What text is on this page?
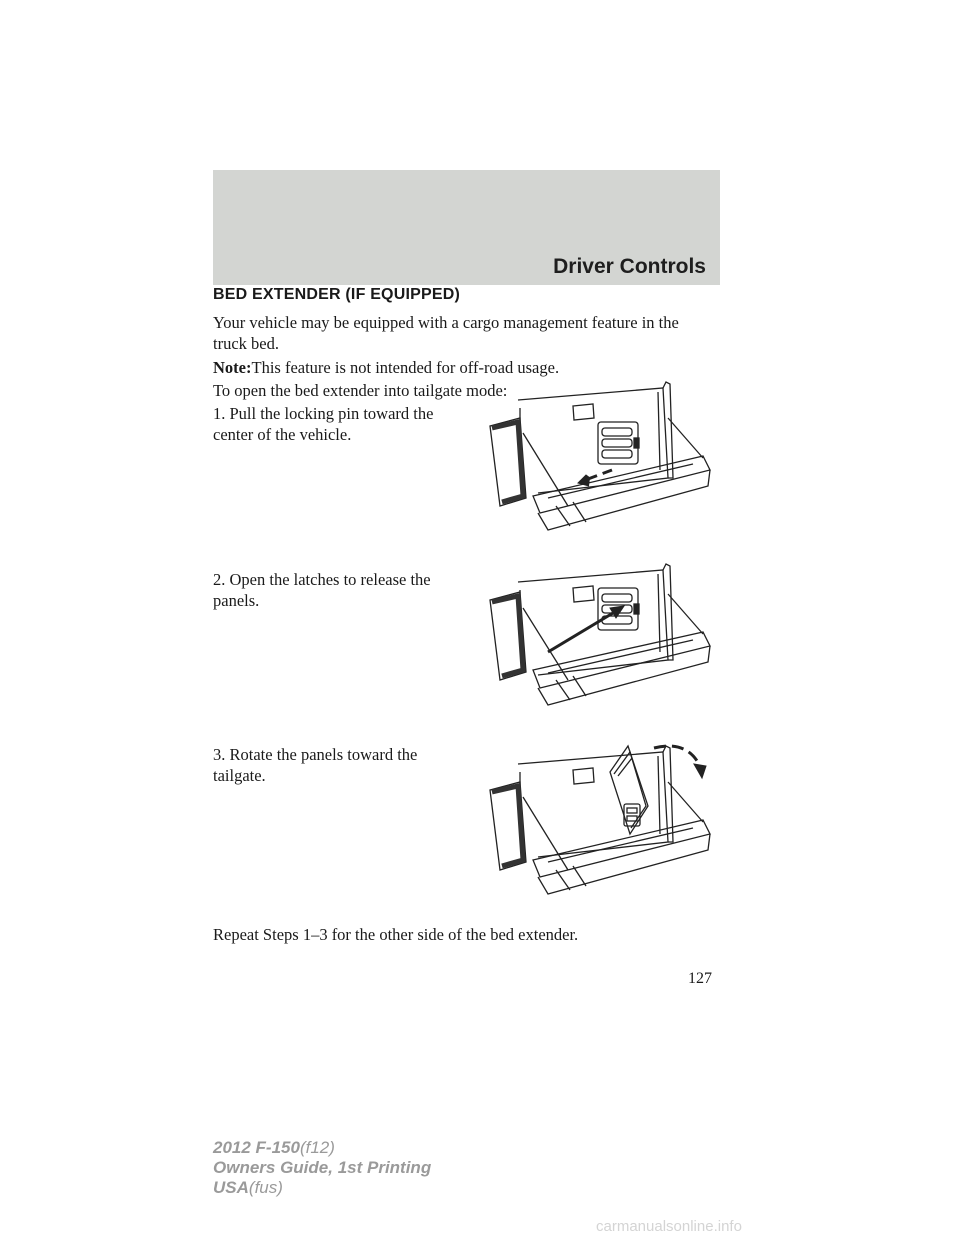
Driver Controls
BED EXTENDER (IF EQUIPPED)

Your vehicle may be equipped with a cargo management feature in the truck bed.

Note:This feature is not intended for off-road usage.

To open the bed extender into tailgate mode:

1. Pull the locking pin toward the center of the vehicle.

2. Open the latches to release the panels.

3. Rotate the panels toward the tailgate.

Repeat Steps 1–3 for the other side of the bed extender.

127
2012 F-150(f12)
Owners Guide, 1st Printing
USA(fus)
carmanualsonline.info
